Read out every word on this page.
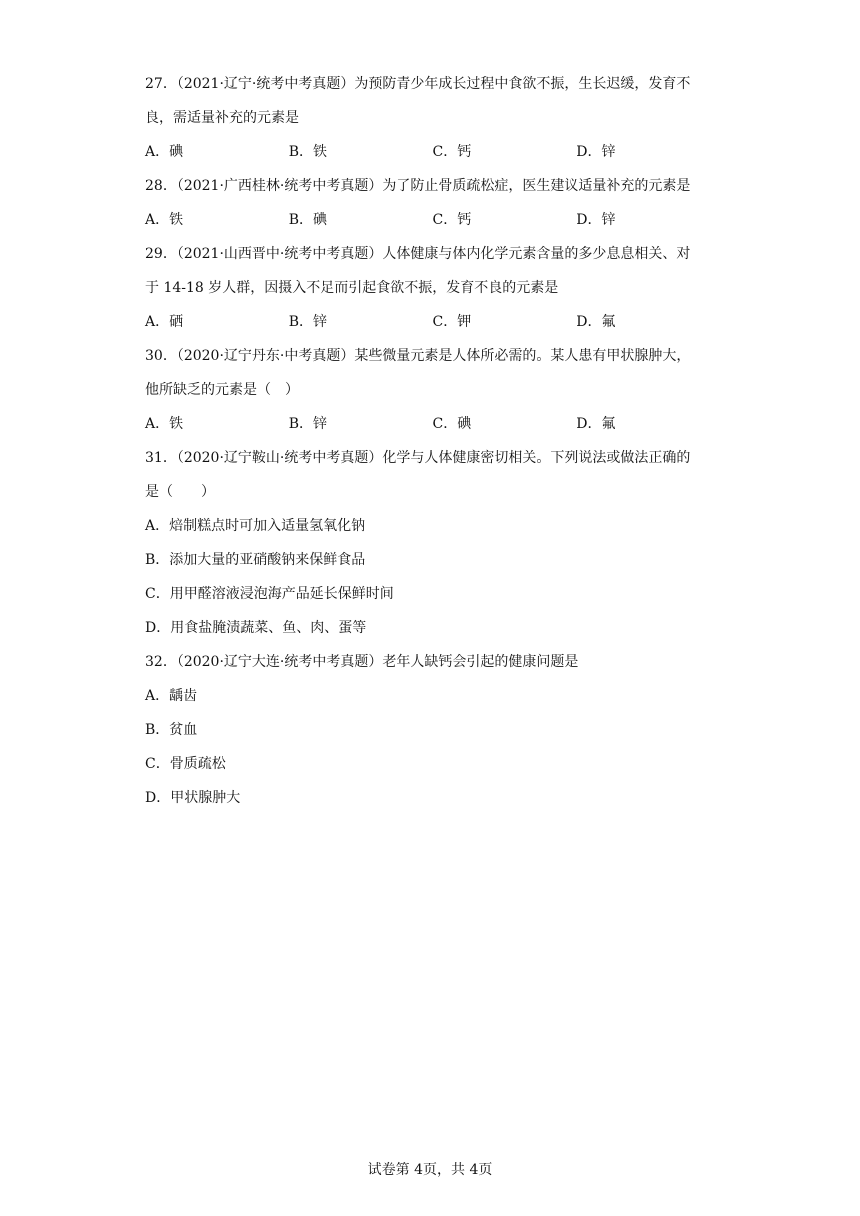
27．（2021·辽宁·统考中考真题）为预防青少年成长过程中食欲不振，生长迟缓，发育不
良，需适量补充的元素是
A．碘	B．铁	C．钙	D．锌
28．（2021·广西桂林·统考中考真题）为了防止骨质疏松症，医生建议适量补充的元素是
A．铁	B．碘	C．钙	D．锌
29．（2021·山西晋中·统考中考真题）人体健康与体内化学元素含量的多少息息相关、对
于 14-18 岁人群，因摄入不足而引起食欲不振，发育不良的元素是
A．硒	B．锌	C．钾	D．氟
30．（2020·辽宁丹东·中考真题）某些微量元素是人体所必需的。某人患有甲状腺肿大，
他所缺乏的元素是（　）
A．铁	B．锌	C．碘	D．氟
31．（2020·辽宁鞍山·统考中考真题）化学与人体健康密切相关。下列说法或做法正确的
是（　　）
A．焙制糕点时可加入适量氢氧化钠
B．添加大量的亚硝酸钠来保鲜食品
C．用甲醛溶液浸泡海产品延长保鲜时间
D．用食盐腌渍蔬菜、鱼、肉、蛋等
32．（2020·辽宁大连·统考中考真题）老年人缺钙会引起的健康问题是
A．龋齿
B．贫血
C．骨质疏松
D．甲状腺肿大
试卷第 4页，共 4页
